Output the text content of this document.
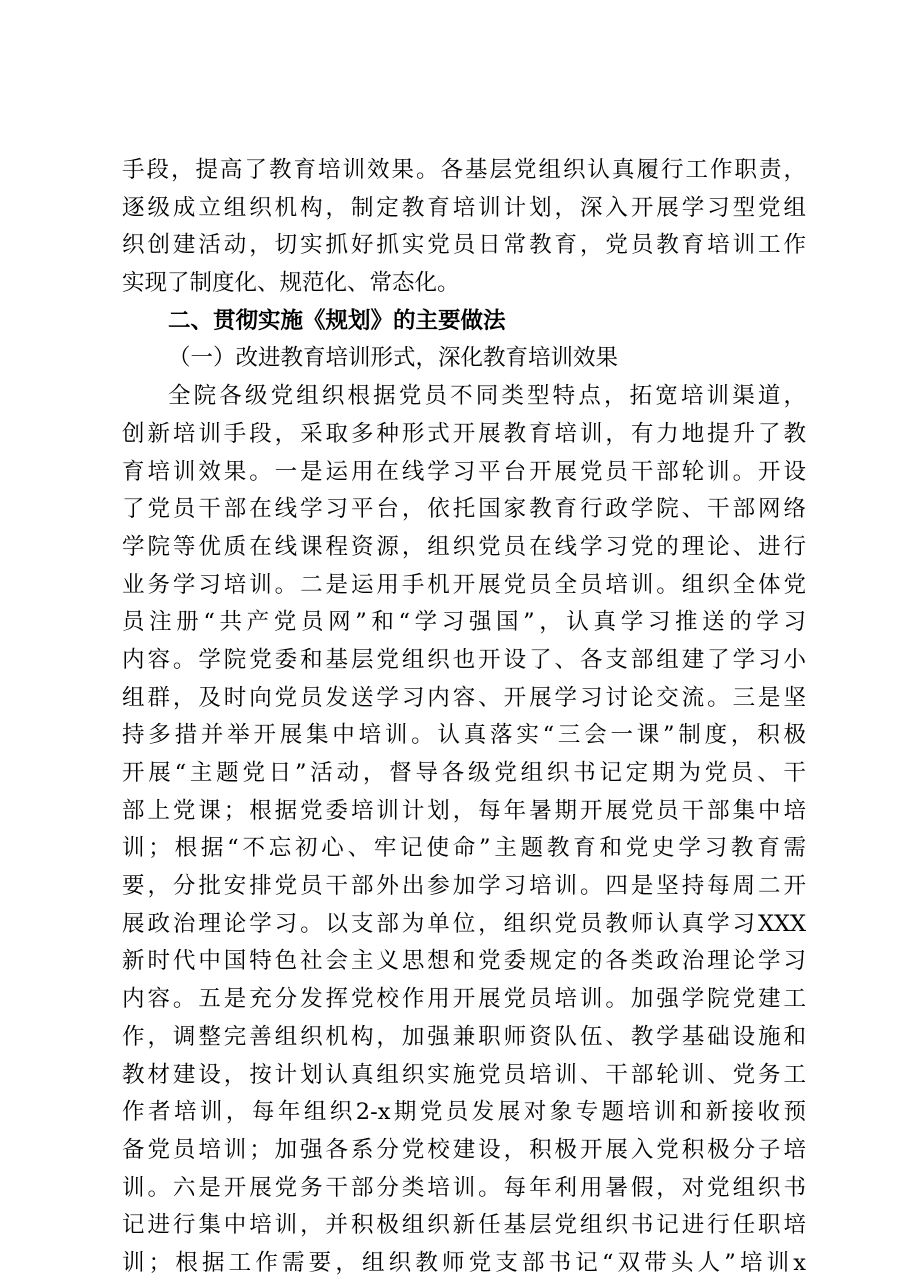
手段，提高了教育培训效果。各基层党组织认真履行工作职责，
逐级成立组织机构，制定教育培训计划，深入开展学习型党组
织创建活动，切实抓好抓实党员日常教育，党员教育培训工作
实现了制度化、规范化、常态化。
二、贯彻实施《规划》的主要做法
（一）改进教育培训形式，深化教育培训效果
全院各级党组织根据党员不同类型特点，拓宽培训渠道，
创新培训手段，采取多种形式开展教育培训，有力地提升了教
育培训效果。一是运用在线学习平台开展党员干部轮训。开设
了党员干部在线学习平台，依托国家教育行政学院、干部网络
学院等优质在线课程资源，组织党员在线学习党的理论、进行
业务学习培训。二是运用手机开展党员全员培训。组织全体党
员注册“共产党员网”和“学习强国”，认真学习推送的学习
内容。学院党委和基层党组织也开设了、各支部组建了学习小
组群，及时向党员发送学习内容、开展学习讨论交流。三是坚
持多措并举开展集中培训。认真落实“三会一课”制度，积极
开展“主题党日”活动，督导各级党组织书记定期为党员、干
部上党课；根据党委培训计划，每年暑期开展党员干部集中培
训；根据“不忘初心、牢记使命”主题教育和党史学习教育需
要，分批安排党员干部外出参加学习培训。四是坚持每周二开
展政治理论学习。以支部为单位，组织党员教师认真学习XXX
新时代中国特色社会主义思想和党委规定的各类政治理论学习
内容。五是充分发挥党校作用开展党员培训。加强学院党建工
作，调整完善组织机构，加强兼职师资队伍、教学基础设施和
教材建设，按计划认真组织实施党员培训、干部轮训、党务工
作者培训，每年组织2-x期党员发展对象专题培训和新接收预
备党员培训；加强各系分党校建设，积极开展入党积极分子培
训。六是开展党务干部分类培训。每年利用暑假，对党组织书
记进行集中培训，并积极组织新任基层党组织书记进行任职培
训；根据工作需要，组织教师党支部书记“双带头人”培训x
